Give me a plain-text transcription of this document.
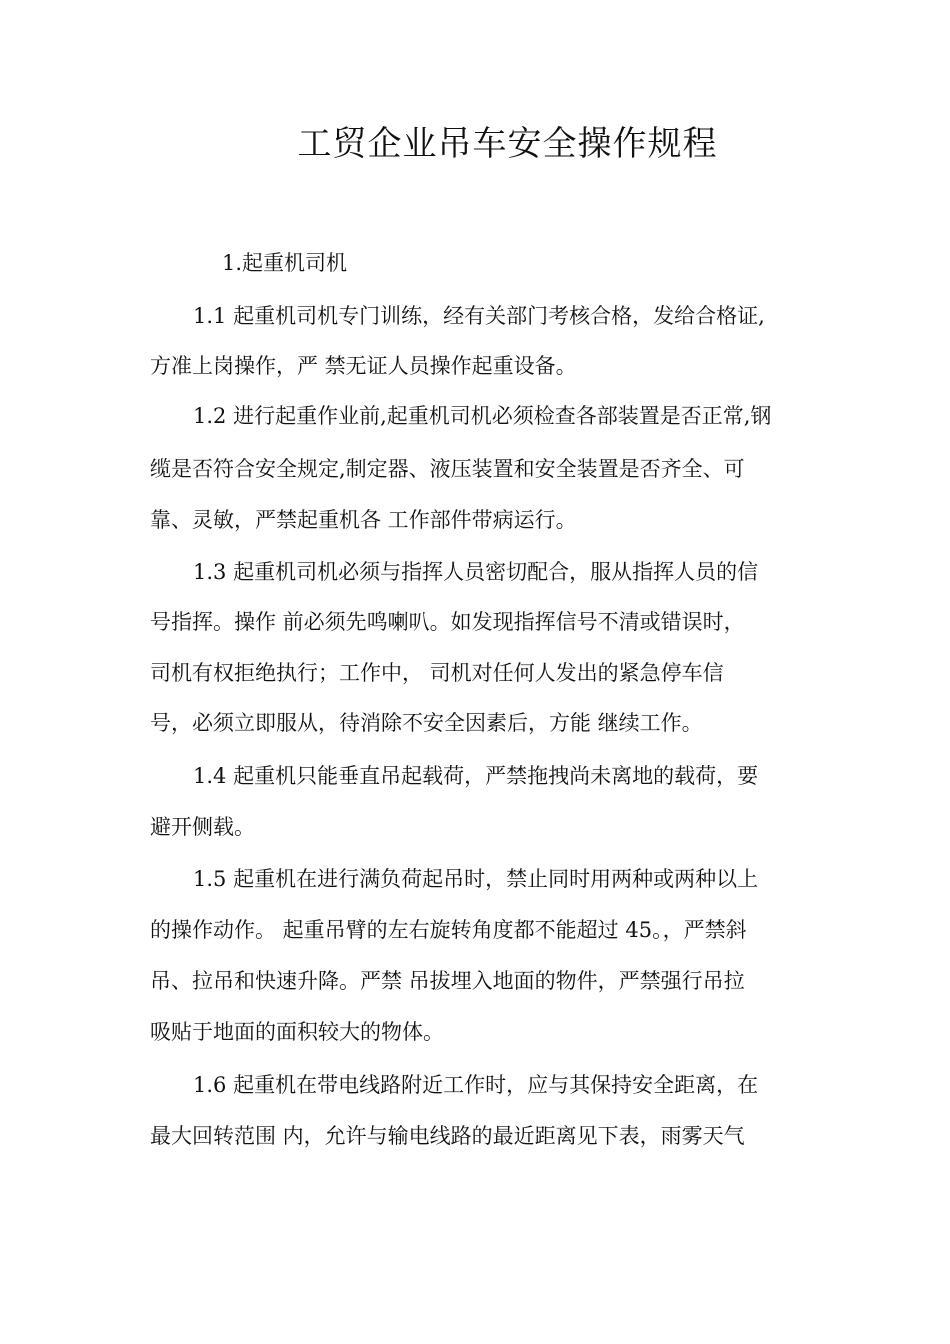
工贸企业吊车安全操作规程
1.起重机司机
1.1 起重机司机专门训练，经有关部门考核合格，发给合格证,
方准上岗操作，严 禁无证人员操作起重设备。
1.2 进行起重作业前,起重机司机必须检查各部装置是否正常,钢
缆是否符合安全规定,制定器、液压装置和安全装置是否齐全、可
靠、灵敏，严禁起重机各 工作部件带病运行。
1.3 起重机司机必须与指挥人员密切配合，服从指挥人员的信
号指挥。操作 前必须先鸣喇叭。如发现指挥信号不清或错误时，
司机有权拒绝执行；工作中， 司机对任何人发出的紧急停车信
号，必须立即服从，待消除不安全因素后，方能 继续工作。
1.4 起重机只能垂直吊起载荷，严禁拖拽尚未离地的载荷，要
避开侧载。
1.5 起重机在进行满负荷起吊时，禁止同时用两种或两种以上
的操作动作。 起重吊臂的左右旋转角度都不能超过 45。，严禁斜
吊、拉吊和快速升降。严禁 吊拔埋入地面的物件，严禁强行吊拉
吸贴于地面的面积较大的物体。
1.6 起重机在带电线路附近工作时，应与其保持安全距离，在
最大回转范围 内，允许与输电线路的最近距离见下表，雨雾天气
